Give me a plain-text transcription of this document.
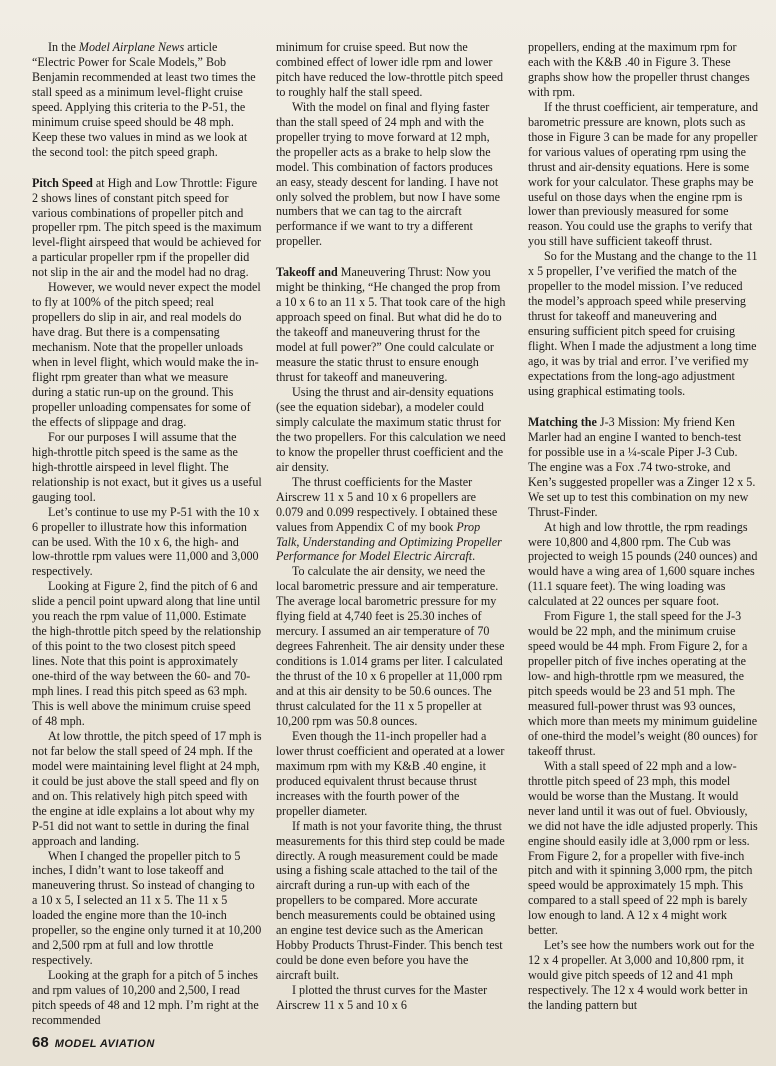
In the Model Airplane News article “Electric Power for Scale Models,” Bob Benjamin recommended at least two times the stall speed as a minimum level-flight cruise speed. Applying this criteria to the P-51, the minimum cruise speed should be 48 mph. Keep these two values in mind as we look at the second tool: the pitch speed graph.

Pitch Speed at High and Low Throttle: Figure 2 shows lines of constant pitch speed for various combinations of propeller pitch and propeller rpm. The pitch speed is the maximum level-flight airspeed that would be achieved for a particular propeller rpm if the propeller did not slip in the air and the model had no drag.

However, we would never expect the model to fly at 100% of the pitch speed; real propellers do slip in air, and real models do have drag. But there is a compensating mechanism. Note that the propeller unloads when in level flight, which would make the in-flight rpm greater than what we measure during a static run-up on the ground. This propeller unloading compensates for some of the effects of slippage and drag.

For our purposes I will assume that the high-throttle pitch speed is the same as the high-throttle airspeed in level flight. The relationship is not exact, but it gives us a useful gauging tool.

Let’s continue to use my P-51 with the 10 x 6 propeller to illustrate how this information can be used. With the 10 x 6, the high- and low-throttle rpm values were 11,000 and 3,000 respectively.

Looking at Figure 2, find the pitch of 6 and slide a pencil point upward along that line until you reach the rpm value of 11,000. Estimate the high-throttle pitch speed by the relationship of this point to the two closest pitch speed lines. Note that this point is approximately one-third of the way between the 60- and 70-mph lines. I read this pitch speed as 63 mph. This is well above the minimum cruise speed of 48 mph.

At low throttle, the pitch speed of 17 mph is not far below the stall speed of 24 mph. If the model were maintaining level flight at 24 mph, it could be just above the stall speed and fly on and on. This relatively high pitch speed with the engine at idle explains a lot about why my P-51 did not want to settle in during the final approach and landing.

When I changed the propeller pitch to 5 inches, I didn’t want to lose takeoff and maneuvering thrust. So instead of changing to a 10 x 5, I selected an 11 x 5. The 11 x 5 loaded the engine more than the 10-inch propeller, so the engine only turned it at 10,200 and 2,500 rpm at full and low throttle respectively.

Looking at the graph for a pitch of 5 inches and rpm values of 10,200 and 2,500, I read pitch speeds of 48 and 12 mph. I’m right at the recommended

minimum for cruise speed. But now the combined effect of lower idle rpm and lower pitch have reduced the low-throttle pitch speed to roughly half the stall speed.

With the model on final and flying faster than the stall speed of 24 mph and with the propeller trying to move forward at 12 mph, the propeller acts as a brake to help slow the model. This combination of factors produces an easy, steady descent for landing. I have not only solved the problem, but now I have some numbers that we can tag to the aircraft performance if we want to try a different propeller.

Takeoff and Maneuvering Thrust: Now you might be thinking, “He changed the prop from a 10 x 6 to an 11 x 5. That took care of the high approach speed on final. But what did he do to the takeoff and maneuvering thrust for the model at full power?” One could calculate or measure the static thrust to ensure enough thrust for takeoff and maneuvering.

Using the thrust and air-density equations (see the equation sidebar), a modeler could simply calculate the maximum static thrust for the two propellers. For this calculation we need to know the propeller thrust coefficient and the air density.

The thrust coefficients for the Master Airscrew 11 x 5 and 10 x 6 propellers are 0.079 and 0.099 respectively. I obtained these values from Appendix C of my book Prop Talk, Understanding and Optimizing Propeller Performance for Model Electric Aircraft.

To calculate the air density, we need the local barometric pressure and air temperature. The average local barometric pressure for my flying field at 4,740 feet is 25.30 inches of mercury. I assumed an air temperature of 70 degrees Fahrenheit. The air density under these conditions is 1.014 grams per liter. I calculated the thrust of the 10 x 6 propeller at 11,000 rpm and at this air density to be 50.6 ounces. The thrust calculated for the 11 x 5 propeller at 10,200 rpm was 50.8 ounces.

Even though the 11-inch propeller had a lower thrust coefficient and operated at a lower maximum rpm with my K&B .40 engine, it produced equivalent thrust because thrust increases with the fourth power of the propeller diameter.

If math is not your favorite thing, the thrust measurements for this third step could be made directly. A rough measurement could be made using a fishing scale attached to the tail of the aircraft during a run-up with each of the propellers to be compared. More accurate bench measurements could be obtained using an engine test device such as the American Hobby Products Thrust-Finder. This bench test could be done even before you have the aircraft built.

I plotted the thrust curves for the Master Airscrew 11 x 5 and 10 x 6

propellers, ending at the maximum rpm for each with the K&B .40 in Figure 3. These graphs show how the propeller thrust changes with rpm.

If the thrust coefficient, air temperature, and barometric pressure are known, plots such as those in Figure 3 can be made for any propeller for various values of operating rpm using the thrust and air-density equations. Here is some work for your calculator. These graphs may be useful on those days when the engine rpm is lower than previously measured for some reason. You could use the graphs to verify that you still have sufficient takeoff thrust.

So for the Mustang and the change to the 11 x 5 propeller, I’ve verified the match of the propeller to the model mission. I’ve reduced the model’s approach speed while preserving thrust for takeoff and maneuvering and ensuring sufficient pitch speed for cruising flight. When I made the adjustment a long time ago, it was by trial and error. I’ve verified my expectations from the long-ago adjustment using graphical estimating tools.

Matching the J-3 Mission: My friend Ken Marler had an engine I wanted to bench-test for possible use in a ¼-scale Piper J-3 Cub. The engine was a Fox .74 two-stroke, and Ken’s suggested propeller was a Zinger 12 x 5. We set up to test this combination on my new Thrust-Finder.

At high and low throttle, the rpm readings were 10,800 and 4,800 rpm. The Cub was projected to weigh 15 pounds (240 ounces) and would have a wing area of 1,600 square inches (11.1 square feet). The wing loading was calculated at 22 ounces per square foot.

From Figure 1, the stall speed for the J-3 would be 22 mph, and the minimum cruise speed would be 44 mph. From Figure 2, for a propeller pitch of five inches operating at the low- and high-throttle rpm we measured, the pitch speeds would be 23 and 51 mph. The measured full-power thrust was 93 ounces, which more than meets my minimum guideline of one-third the model’s weight (80 ounces) for takeoff thrust.

With a stall speed of 22 mph and a low-throttle pitch speed of 23 mph, this model would be worse than the Mustang. It would never land until it was out of fuel. Obviously, we did not have the idle adjusted properly. This engine should easily idle at 3,000 rpm or less. From Figure 2, for a propeller with five-inch pitch and with it spinning 3,000 rpm, the pitch speed would be approximately 15 mph. This compared to a stall speed of 22 mph is barely low enough to land. A 12 x 4 might work better.

Let’s see how the numbers work out for the 12 x 4 propeller. At 3,000 and 10,800 rpm, it would give pitch speeds of 12 and 41 mph respectively. The 12 x 4 would work better in the landing pattern but

68 MODEL AVIATION
